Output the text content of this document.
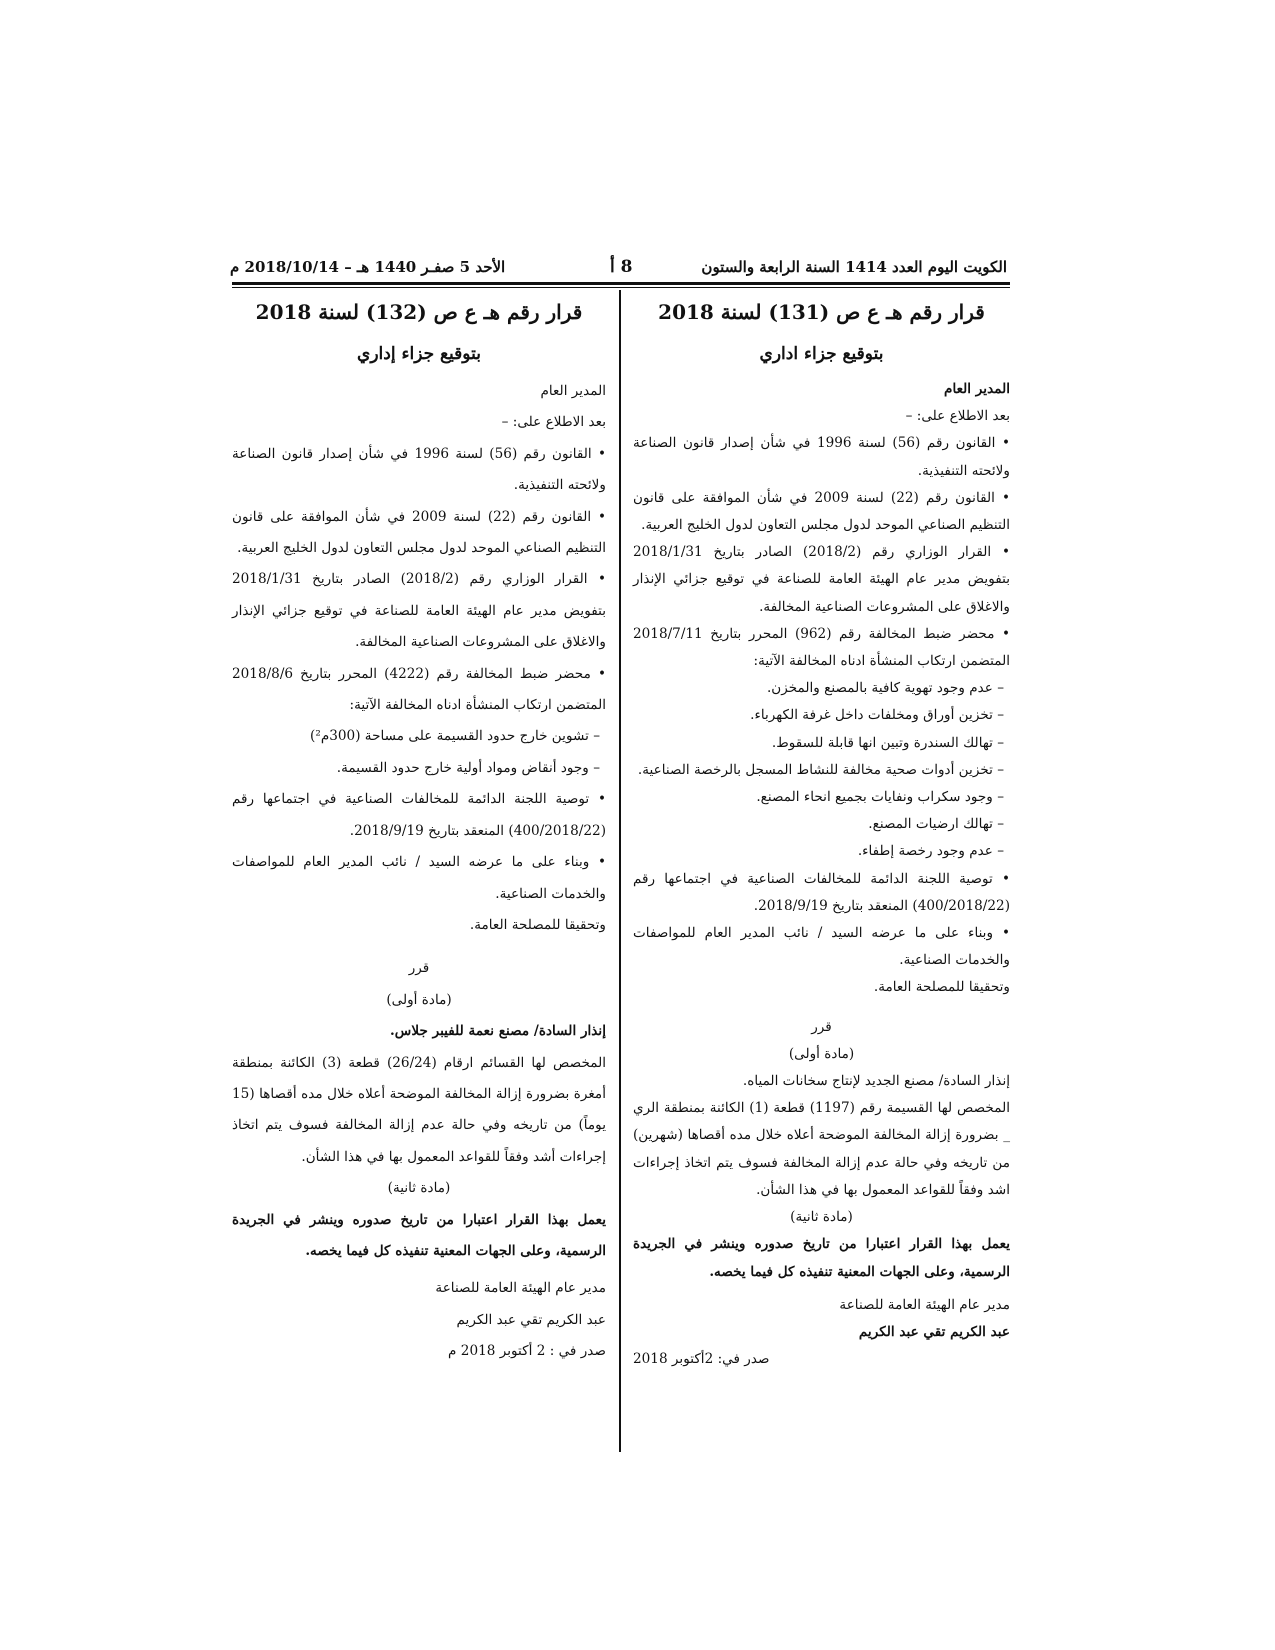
الكويت اليوم العدد 1414 السنة الرابعة والستون
8 أ
الأحد 5 صفـر 1440 هـ – 2018/10/14 م
قرار رقم هـ ع ص (131) لسنة 2018
بتوقيع جزاء اداري

المدير العام

بعد الاطلاع على: –

• القانون رقم (56) لسنة 1996 في شأن إصدار قانون الصناعة ولائحته التنفيذية.

• القانون رقم (22) لسنة 2009 في شأن الموافقة على قانون التنظيم الصناعي الموحد لدول مجلس التعاون لدول الخليج العربية.

• القرار الوزاري رقم (2018/2) الصادر بتاريخ 2018/1/31 بتفويض مدير عام الهيئة العامة للصناعة في توقيع جزائي الإنذار والاغلاق على المشروعات الصناعية المخالفة.

• محضر ضبط المخالفة رقم (962) المحرر بتاريخ 2018/7/11 المتضمن ارتكاب المنشأة ادناه المخالفة الآتية:

– عدم وجود تهوية كافية بالمصنع والمخزن.

– تخزين أوراق ومخلفات داخل غرفة الكهرباء.

– تهالك السندرة وتبين انها قابلة للسقوط.

– تخزين أدوات صحية مخالفة للنشاط المسجل بالرخصة الصناعية.

– وجود سكراب ونفايات بجميع انحاء المصنع.

– تهالك ارضيات المصنع.

– عدم وجود رخصة إطفاء.

• توصية اللجنة الدائمة للمخالفات الصناعية في اجتماعها رقم (400/2018/22) المنعقد بتاريخ 2018/9/19.

• وبناء على ما عرضه السيد / نائب المدير العام للمواصفات والخدمات الصناعية.

وتحقيقا للمصلحة العامة.

قرر

(مادة أولى)

إنذار السادة/ مصنع الجديد لإنتاج سخانات المياه.

المخصص لها القسيمة رقم (1197) قطعة (1) الكائنة بمنطقة الري _ بضرورة إزالة المخالفة الموضحة أعلاه خلال مده أقصاها (شهرين) من تاريخه وفي حالة عدم إزالة المخالفة فسوف يتم اتخاذ إجراءات اشد وفقاً للقواعد المعمول بها في هذا الشأن.

(مادة ثانية)

يعمل بهذا القرار اعتبارا من تاريخ صدوره وينشر في الجريدة الرسمية، وعلى الجهات المعنية تنفيذه كل فيما يخصه.

مدير عام الهيئة العامة للصناعة

عبد الكريم تقي عبد الكريم

صدر في: 2أكتوبر 2018

قرار رقم هـ ع ص (132) لسنة 2018
بتوقيع جزاء إداري

المدير العام

بعد الاطلاع على: –

• القانون رقم (56) لسنة 1996 في شأن إصدار قانون الصناعة ولائحته التنفيذية.

• القانون رقم (22) لسنة 2009 في شأن الموافقة على قانون التنظيم الصناعي الموحد لدول مجلس التعاون لدول الخليج العربية.

• القرار الوزاري رقم (2018/2) الصادر بتاريخ 2018/1/31 بتفويض مدير عام الهيئة العامة للصناعة في توقيع جزائي الإنذار والاغلاق على المشروعات الصناعية المخالفة.

• محضر ضبط المخالفة رقم (4222) المحرر بتاريخ 2018/8/6 المتضمن ارتكاب المنشأة ادناه المخالفة الآتية:

– تشوين خارج حدود القسيمة على مساحة (300م²)

– وجود أنقاض ومواد أولية خارج حدود القسيمة.

• توصية اللجنة الدائمة للمخالفات الصناعية في اجتماعها رقم (400/2018/22) المنعقد بتاريخ 2018/9/19.

• وبناء على ما عرضه السيد / نائب المدير العام للمواصفات والخدمات الصناعية.

وتحقيقا للمصلحة العامة.

قرر

(مادة أولى)

إنذار السادة/ مصنع نعمة للفيبر جلاس.

المخصص لها القسائم ارقام (26/24) قطعة (3) الكائنة بمنطقة أمغرة بضرورة إزالة المخالفة الموضحة أعلاه خلال مده أقصاها (15 يوماً) من تاريخه وفي حالة عدم إزالة المخالفة فسوف يتم اتخاذ إجراءات أشد وفقاً للقواعد المعمول بها في هذا الشأن.

(مادة ثانية)

يعمل بهذا القرار اعتبارا من تاريخ صدوره وينشر في الجريدة الرسمية، وعلى الجهات المعنية تنفيذه كل فيما يخصه.

مدير عام الهيئة العامة للصناعة

عبد الكريم تقي عبد الكريم

صدر في : 2 أكتوبر 2018 م
